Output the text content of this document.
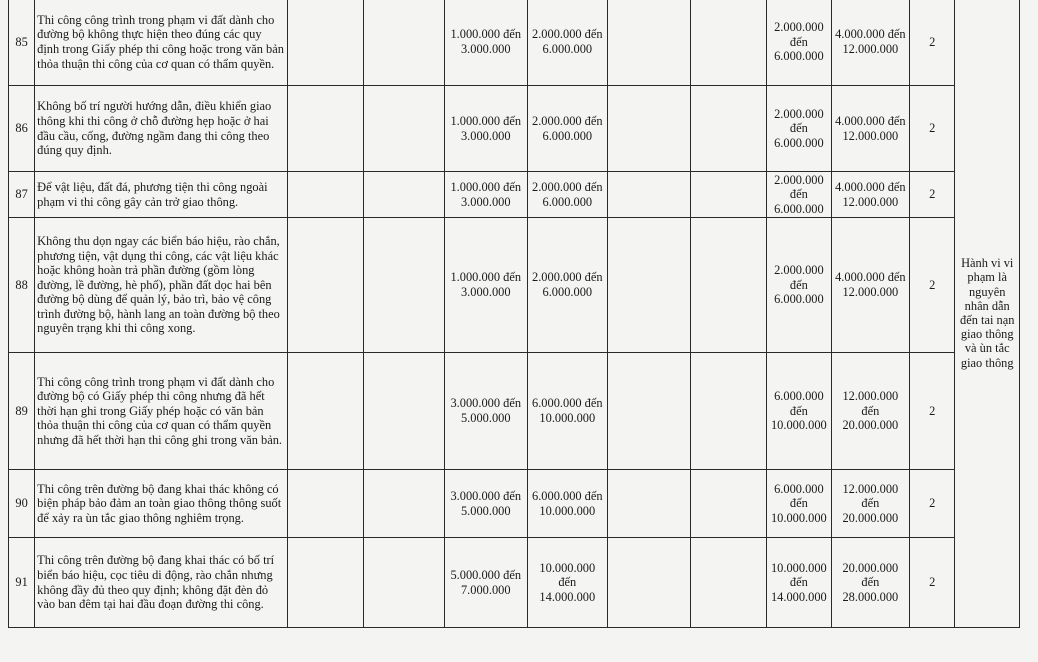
85	Thi công công trình trong phạm vi đất dành cho đường bộ không thực hiện theo đúng các quy định trong Giấy phép thi công hoặc trong văn bản thỏa thuận thi công của cơ quan có thẩm quyền.			1.000.000 đến 3.000.000	2.000.000 đến 6.000.000			2.000.000 đến 6.000.000	4.000.000 đến 12.000.000	2	Hành vi vi phạm là nguyên nhân dẫn đến tai nạn giao thông và ùn tắc giao thông
86	Không bố trí người hướng dẫn, điều khiển giao thông khi thi công ở chỗ đường hẹp hoặc ở hai đầu cầu, cống, đường ngầm đang thi công theo đúng quy định.			1.000.000 đến 3.000.000	2.000.000 đến 6.000.000			2.000.000 đến 6.000.000	4.000.000 đến 12.000.000	2	
87	Để vật liệu, đất đá, phương tiện thi công ngoài phạm vi thi công gây cản trở giao thông.			1.000.000 đến 3.000.000	2.000.000 đến 6.000.000			2.000.000 đến 6.000.000	4.000.000 đến 12.000.000	2	
88	Không thu dọn ngay các biển báo hiệu, rào chắn, phương tiện, vật dụng thi công, các vật liệu khác hoặc không hoàn trả phần đường (gồm lòng đường, lề đường, hè phố), phần đất dọc hai bên đường bộ dùng để quản lý, bảo trì, bảo vệ công trình đường bộ, hành lang an toàn đường bộ theo nguyên trạng khi thi công xong.			1.000.000 đến 3.000.000	2.000.000 đến 6.000.000			2.000.000 đến 6.000.000	4.000.000 đến 12.000.000	2	
89	Thi công công trình trong phạm vi đất dành cho đường bộ có Giấy phép thi công nhưng đã hết thời hạn ghi trong Giấy phép hoặc có văn bản thỏa thuận thi công của cơ quan có thẩm quyền nhưng đã hết thời hạn thi công ghi trong văn bản.			3.000.000 đến 5.000.000	6.000.000 đến 10.000.000			6.000.000 đến 10.000.000	12.000.000 đến 20.000.000	2	
90	Thi công trên đường bộ đang khai thác không có biện pháp bảo đảm an toàn giao thông thông suốt để xảy ra ùn tắc giao thông nghiêm trọng.			3.000.000 đến 5.000.000	6.000.000 đến 10.000.000			6.000.000 đến 10.000.000	12.000.000 đến 20.000.000	2	
91	Thi công trên đường bộ đang khai thác có bố trí biển báo hiệu, cọc tiêu di động, rào chắn nhưng không đầy đủ theo quy định; không đặt đèn đỏ vào ban đêm tại hai đầu đoạn đường thi công.			5.000.000 đến 7.000.000	10.000.000 đến 14.000.000			10.000.000 đến 14.000.000	20.000.000 đến 28.000.000	2	
